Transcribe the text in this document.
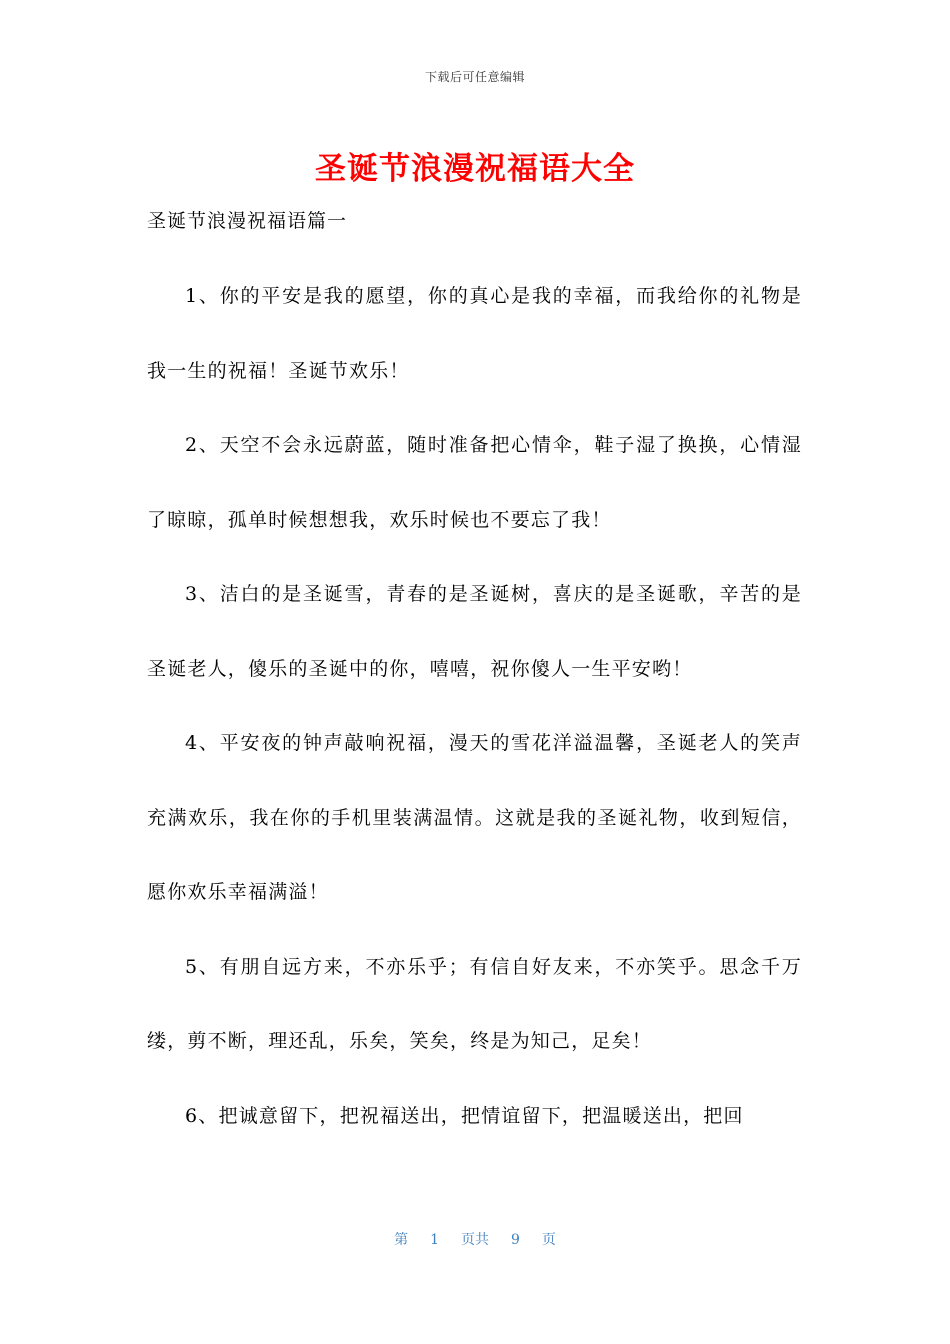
下载后可任意编辑
圣诞节浪漫祝福语大全
圣诞节浪漫祝福语篇一

1、你的平安是我的愿望，你的真心是我的幸福，而我给你的礼物是我一生的祝福！圣诞节欢乐！

2、天空不会永远蔚蓝，随时准备把心情伞，鞋子湿了换换，心情湿了晾晾，孤单时候想想我，欢乐时候也不要忘了我！

3、洁白的是圣诞雪，青春的是圣诞树，喜庆的是圣诞歌，辛苦的是圣诞老人，傻乐的圣诞中的你，嘻嘻，祝你傻人一生平安哟！

4、平安夜的钟声敲响祝福，漫天的雪花洋溢温馨，圣诞老人的笑声充满欢乐，我在你的手机里装满温情。这就是我的圣诞礼物，收到短信，愿你欢乐幸福满溢！

5、有朋自远方来，不亦乐乎；有信自好友来，不亦笑乎。思念千万缕，剪不断，理还乱，乐矣，笑矣，终是为知己，足矣！

6、把诚意留下，把祝福送出，把情谊留下，把温暖送出，把回

第 1 页共 9 页
